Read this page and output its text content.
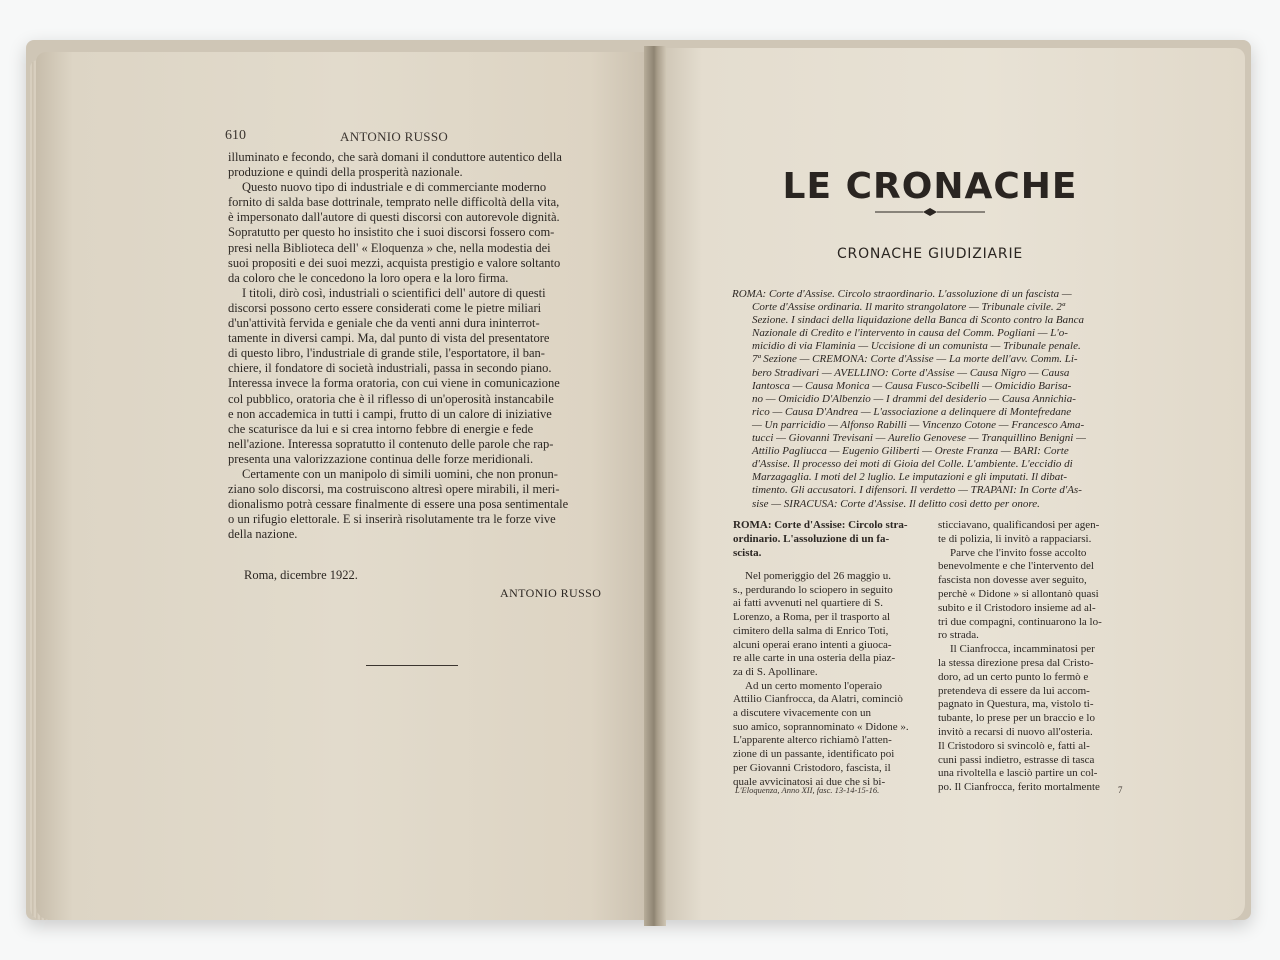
610	ANTONIO RUSSO
illuminato e fecondo, che sarà domani il conduttore autentico della
produzione e quindi della prosperità nazionale.
Questo nuovo tipo di industriale e di commerciante moderno
fornito di salda base dottrinale, temprato nelle difficoltà della vita,
è impersonato dall'autore di questi discorsi con autorevole dignità.
Sopratutto per questo ho insistito che i suoi discorsi fossero com-
presi nella Biblioteca dell' « Eloquenza » che, nella modestia dei
suoi propositi e dei suoi mezzi, acquista prestigio e valore soltanto
da coloro che le concedono la loro opera e la loro firma.
I titoli, dirò così, industriali o scientifici dell' autore di questi
discorsi possono certo essere considerati come le pietre miliari
d'un'attività fervida e geniale che da venti anni dura ininterrot-
tamente in diversi campi. Ma, dal punto di vista del presentatore
di questo libro, l'industriale di grande stile, l'esportatore, il ban-
chiere, il fondatore di società industriali, passa in secondo piano.
Interessa invece la forma oratoria, con cui viene in comunicazione
col pubblico, oratoria che è il riflesso di un'operosità instancabile
e non accademica in tutti i campi, frutto di un calore di iniziative
che scaturisce da lui e si crea intorno febbre di energie e fede
nell'azione. Interessa sopratutto il contenuto delle parole che rap-
presenta una valorizzazione continua delle forze meridionali.
Certamente con un manipolo di simili uomini, che non pronun-
ziano solo discorsi, ma costruiscono altresì opere mirabili, il meri-
dionalismo potrà cessare finalmente di essere una posa sentimentale
o un rifugio elettorale. E si inserirà risolutamente tra le forze vive
della nazione.
Roma, dicembre 1922.
ANTONIO RUSSO
LE CRONACHE
CRONACHE GIUDIZIARIE
ROMA: Corte d'Assise. Circolo straordinario. L'assoluzione di un fascista —
Corte d'Assise ordinaria. Il marito strangolatore — Tribunale civile. 2ª
Sezione. I sindaci della liquidazione della Banca di Sconto contro la Banca
Nazionale di Credito e l'intervento in causa del Comm. Pogliani — L'o-
micidio di via Flaminia — Uccisione di un comunista — Tribunale penale.
7ª Sezione — CREMONA: Corte d'Assise — La morte dell'avv. Comm. Li-
bero Stradivari — AVELLINO: Corte d'Assise — Causa Nigro — Causa
Iantosca — Causa Monica — Causa Fusco-Scibelli — Omicidio Barisa-
no — Omicidio D'Albenzio — I drammi del desiderio — Causa Annichia-
rico — Causa D'Andrea — L'associazione a delinquere di Montefredane
— Un parricidio — Alfonso Rabilli — Vincenzo Cotone — Francesco Ama-
tucci — Giovanni Trevisani — Aurelio Genovese — Tranquillino Benigni —
Attilio Pagliucca — Eugenio Giliberti — Oreste Franza — BARI: Corte
d'Assise. Il processo dei moti di Gioia del Colle. L'ambiente. L'eccidio di
Marzagaglia. I moti del 2 luglio. Le imputazioni e gli imputati. Il dibat-
timento. Gli accusatori. I difensori. Il verdetto — TRAPANI: In Corte d'As-
sise — SIRACUSA: Corte d'Assise. Il delitto così detto per onore.
ROMA: Corte d'Assise: Circolo stra-
ordinario. L'assoluzione di un fa-
scista.
Nel pomeriggio del 26 maggio u.
s., perdurando lo sciopero in seguito
ai fatti avvenuti nel quartiere di S.
Lorenzo, a Roma, per il trasporto al
cimitero della salma di Enrico Toti,
alcuni operai erano intenti a giuoca-
re alle carte in una osteria della piaz-
za di S. Apollinare.
Ad un certo momento l'operaio
Attilio Cianfrocca, da Alatri, cominciò
a discutere vivacemente con un
suo amico, soprannominato « Didone ».
L'apparente alterco richiamò l'atten-
zione di un passante, identificato poi
per Giovanni Cristodoro, fascista, il
quale avvicinatosi ai due che si bi-
sticciavano, qualificandosi per agen-
te di polizia, li invitò a rappaciarsi.
Parve che l'invito fosse accolto
benevolmente e che l'intervento del
fascista non dovesse aver seguito,
perchè « Didone » si allontanò quasi
subito e il Cristodoro insieme ad al-
tri due compagni, continuarono la lo-
ro strada.
Il Cianfrocca, incamminatosi per
la stessa direzione presa dal Cristo-
doro, ad un certo punto lo fermò e
pretendeva di essere da lui accom-
pagnato in Questura, ma, vistolo ti-
tubante, lo prese per un braccio e lo
invitò a recarsi di nuovo all'osteria.
Il Cristodoro si svincolò e, fatti al-
cuni passi indietro, estrasse di tasca
una rivoltella e lasciò partire un col-
po. Il Cianfrocca, ferito mortalmente
L'Eloquenza, Anno XII, fasc. 13-14-15-16.	7
